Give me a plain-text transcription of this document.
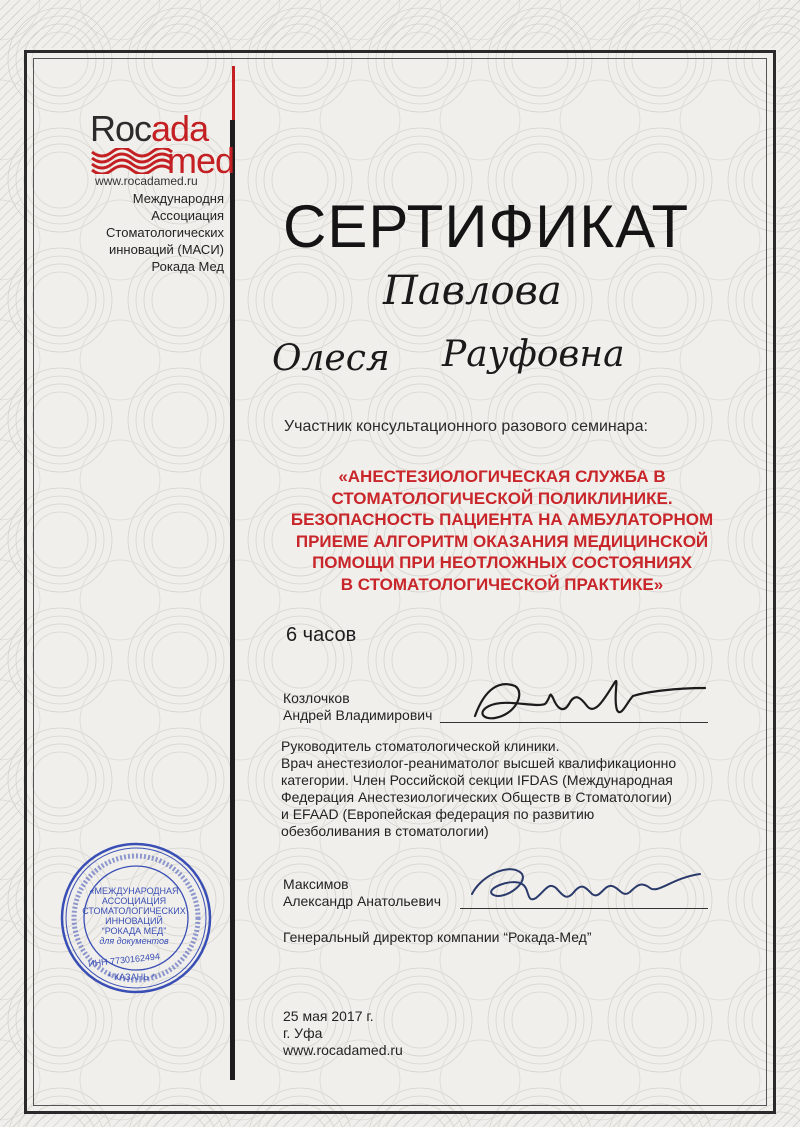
Rocada
med
www.rocadamed.ru
Международня
Ассоциация
Стоматологических
инноваций (МАСИ)
Рокада Мед
СЕРТИФИКАТ
Павлова
Олеся Рауфовна
Участник консультационного разового семинара:
«АНЕСТЕЗИОЛОГИЧЕСКАЯ СЛУЖБА В
СТОМАТОЛОГИЧЕСКОЙ ПОЛИКЛИНИКЕ.
БЕЗОПАСНОСТЬ ПАЦИЕНТА НА АМБУЛАТОРНОМ
ПРИЕМЕ АЛГОРИТМ ОКАЗАНИЯ МЕДИЦИНСКОЙ
ПОМОЩИ ПРИ НЕОТЛОЖНЫХ СОСТОЯНИЯХ
В СТОМАТОЛОГИЧЕСКОЙ ПРАКТИКЕ»
6 часов
Козлочков
Андрей Владимирович
Руководитель стоматологической клиники.
Врач анестезиолог-реаниматолог высшей квалификационно
категории. Член Российской секции IFDAS (Международная
Федерация Анестезиологических Обществ в Стоматологии)
и EFAAD (Европейская федерация по развитию
обезболивания в стоматологии)
Максимов
Александр Анатольевич
Генеральный директор компании “Рокада-Мед”
«МЕЖДУНАРОДНАЯ
АССОЦИАЦИЯ
СТОМАТОЛОГИЧЕСКИХ
ИННОВАЦИЙ
“РОКАДА МЕД”
для документов
ИНН 7730162494
* КАЗАНЬ *
25 мая 2017 г.
г. Уфа
www.rocadamed.ru
